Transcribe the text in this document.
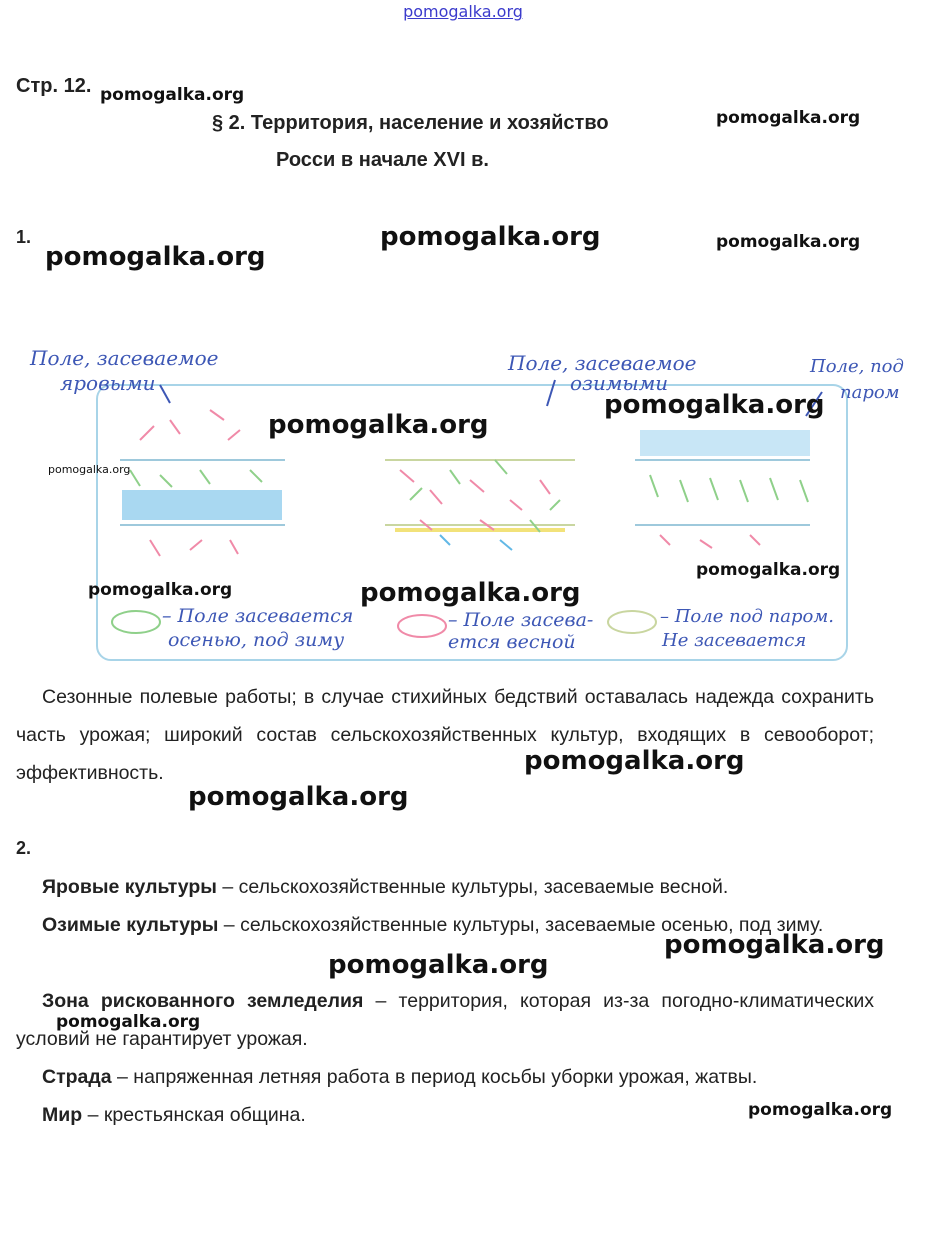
pomogalka.org
Стр. 12. pomogalka.org
§ 2. Территория, население и хозяйство	pomogalka.org
Росси в начале XVI в.
1.	pomogalka.org	pomogalka.org
pomogalka.org
Поле, засеваемое
яровыми
Поле, засеваемое
озимыми
Поле, под
паром
– Поле засевается
осенью, под зиму
– Поле засева-
ется весной
– Поле под паром.
Не засевается
pomogalka.org
pomogalka.org
pomogalka.org
pomogalka.org	pomogalka.org
pomogalka.org

Сезонные полевые работы; в случае стихийных бедствий оставалась надежда сохранить часть урожая; широкий состав сельскохозяйственных культур, входящих в севооборот; эффективность.	pomogalka.org
pomogalka.org
2.

Яровые культуры – сельскохозяйственные культуры, засеваемые весной.

Озимые культуры – сельскохозяйственные культуры, засеваемые осенью, под зиму.

pomogalka.org
pomogalka.org

Зона рискованного земледелия – территория, которая из-за погодно-климатических условий не гарантирует урожая.

pomogalka.org

Страда – напряженная летняя работа в период косьбы уборки урожая, жатвы.

Мир – крестьянская община.	pomogalka.org
